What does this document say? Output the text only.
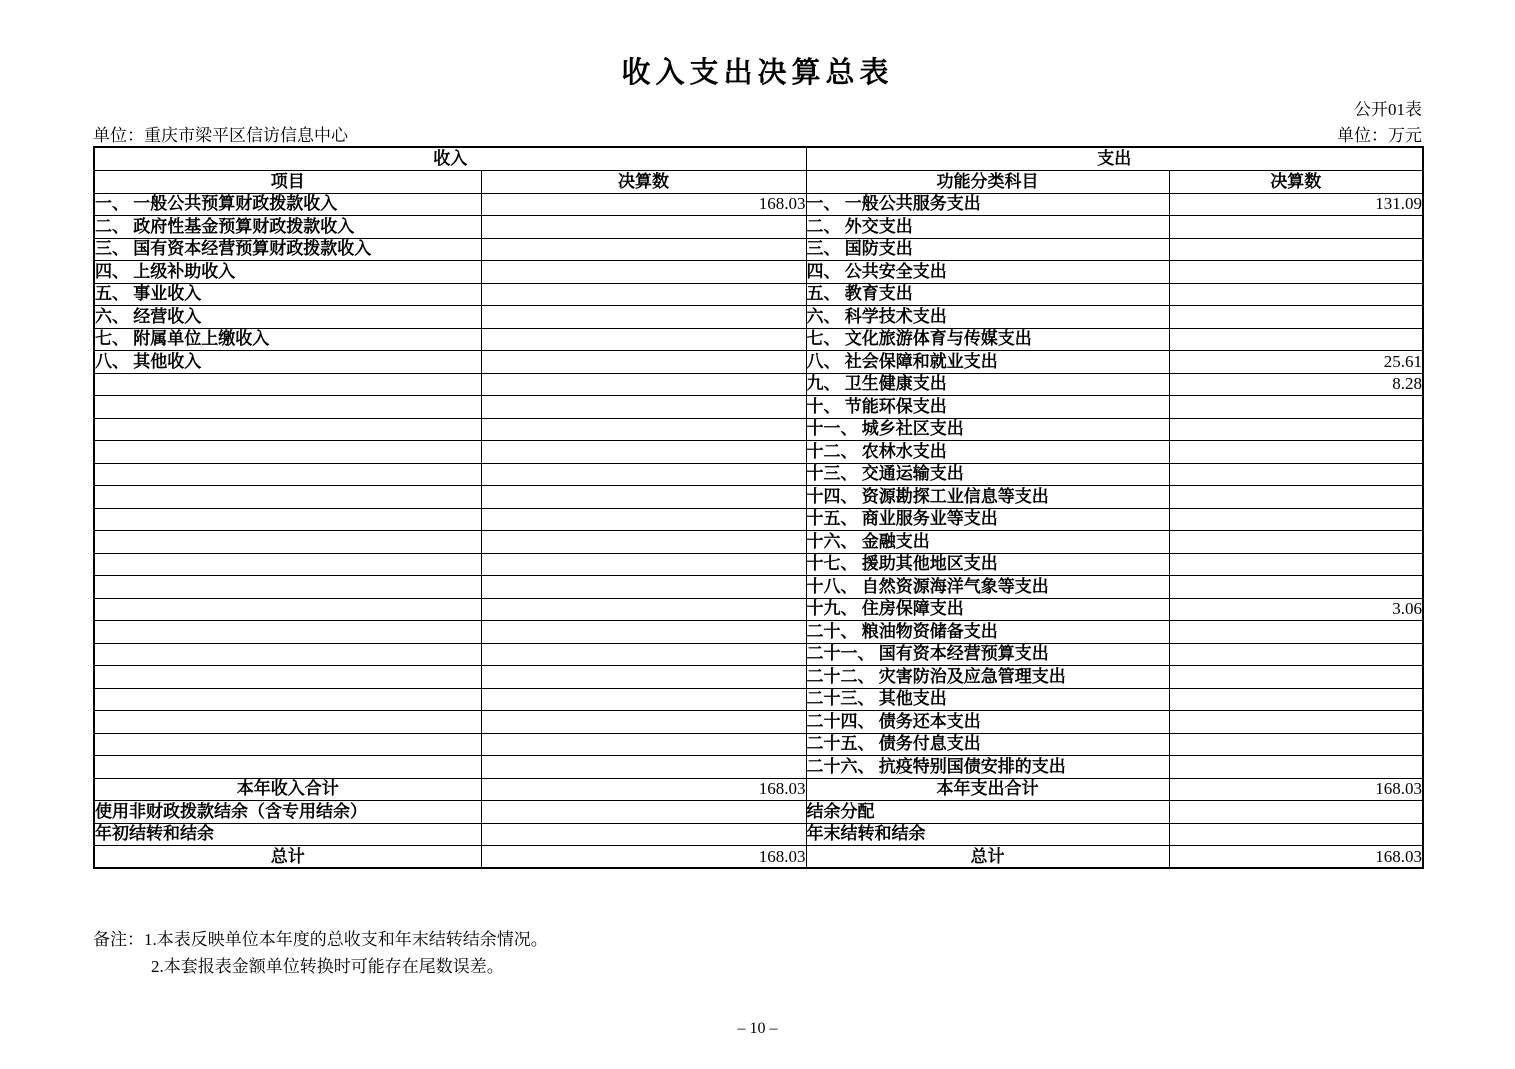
收入支出决算总表
公开01表
单位：重庆市梁平区信访信息中心	单位：万元
收入		支出	
项目	决算数	功能分类科目	决算数
一、 一般公共预算财政拨款收入	168.03	一、 一般公共服务支出	131.09
二、 政府性基金预算财政拨款收入		二、 外交支出	
三、 国有资本经营预算财政拨款收入		三、 国防支出	
四、 上级补助收入		四、 公共安全支出	
五、 事业收入		五、 教育支出	
六、 经营收入		六、 科学技术支出	
七、 附属单位上缴收入		七、 文化旅游体育与传媒支出	
八、 其他收入		八、 社会保障和就业支出	25.61
		九、 卫生健康支出	8.28
		十、 节能环保支出	
		十一、 城乡社区支出	
		十二、 农林水支出	
		十三、 交通运输支出	
		十四、 资源勘探工业信息等支出	
		十五、 商业服务业等支出	
		十六、 金融支出	
		十七、 援助其他地区支出	
		十八、 自然资源海洋气象等支出	
		十九、 住房保障支出	3.06
		二十、 粮油物资储备支出	
		二十一、 国有资本经营预算支出	
		二十二、 灾害防治及应急管理支出	
		二十三、 其他支出	
		二十四、 债务还本支出	
		二十五、 债务付息支出	
		二十六、 抗疫特别国债安排的支出	
本年收入合计	168.03	本年支出合计	168.03
使用非财政拨款结余（含专用结余）		结余分配	
年初结转和结余		年末结转和结余	
总计	168.03	总计	168.03
备注：1.本表反映单位本年度的总收支和年末结转结余情况。
2.本套报表金额单位转换时可能存在尾数误差。
– 10 –
